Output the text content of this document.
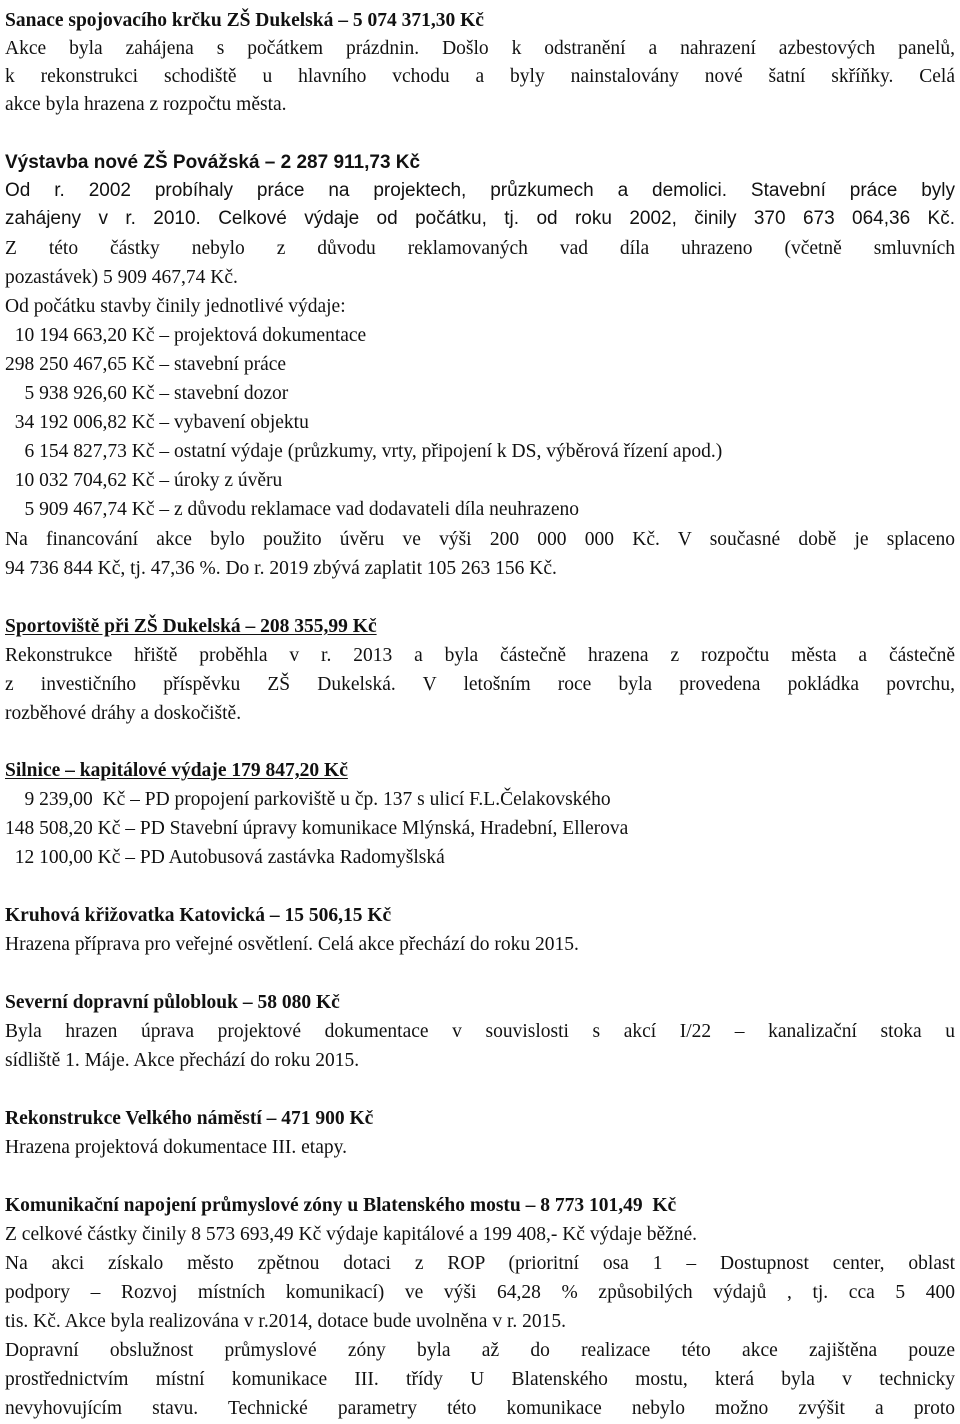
Sanace spojovacího krčku ZŠ Dukelská – 5 074 371,30 Kč
Akce byla zahájena s počátkem prázdnin. Došlo k odstranění a nahrazení azbestových panelů,
k rekonstrukci schodiště u hlavního vchodu a byly nainstalovány nové šatní skříňky. Celá
akce byla hrazena z rozpočtu města.
Výstavba nové ZŠ Povážská – 2 287 911,73 Kč
Od r. 2002 probíhaly práce na projektech, průzkumech a demolici. Stavební práce byly
zahájeny v r. 2010. Celkové výdaje od počátku, tj. od roku 2002, činily 370 673 064,36 Kč.
Z této částky nebylo z důvodu reklamovaných vad díla uhrazeno (včetně smluvních
pozastávek) 5 909 467,74 Kč.
Od počátku stavby činily jednotlivé výdaje:
10 194 663,20 Kč – projektová dokumentace
298 250 467,65 Kč – stavební práce
5 938 926,60 Kč – stavební dozor
34 192 006,82 Kč – vybavení objektu
6 154 827,73 Kč – ostatní výdaje (průzkumy, vrty, připojení k DS, výběrová řízení apod.)
10 032 704,62 Kč – úroky z úvěru
5 909 467,74 Kč – z důvodu reklamace vad dodavateli díla neuhrazeno
Na financování akce bylo použito úvěru ve výši 200 000 000 Kč. V současné době je splaceno
94 736 844 Kč, tj. 47,36 %. Do r. 2019 zbývá zaplatit 105 263 156 Kč.
Sportoviště při ZŠ Dukelská – 208 355,99 Kč
Rekonstrukce hřiště proběhla v r. 2013 a byla částečně hrazena z rozpočtu města a částečně
z investičního příspěvku ZŠ Dukelská. V letošním roce byla provedena pokládka povrchu,
rozběhové dráhy a doskočiště.
Silnice – kapitálové výdaje 179 847,20 Kč
9 239,00  Kč – PD propojení parkoviště u čp. 137 s ulicí F.L.Čelakovského
148 508,20 Kč – PD Stavební úpravy komunikace Mlýnská, Hradební, Ellerova
12 100,00 Kč – PD Autobusová zastávka Radomyšlská
Kruhová křižovatka Katovická – 15 506,15 Kč
Hrazena příprava pro veřejné osvětlení. Celá akce přechází do roku 2015.
Severní dopravní půloblouk – 58 080 Kč
Byla hrazen úprava projektové dokumentace v souvislosti s akcí I/22 – kanalizační stoka u
sídliště 1. Máje. Akce přechází do roku 2015.
Rekonstrukce Velkého náměstí – 471 900 Kč
Hrazena projektová dokumentace III. etapy.
Komunikační napojení průmyslové zóny u Blatenského mostu – 8 773 101,49  Kč
Z celkové částky činily 8 573 693,49 Kč výdaje kapitálové a 199 408,- Kč výdaje běžné.
Na akci získalo město zpětnou dotaci z ROP (prioritní osa 1 – Dostupnost center, oblast
podpory – Rozvoj místních komunikací) ve výši 64,28 % způsobilých výdajů , tj. cca 5 400
tis. Kč. Akce byla realizována v r.2014, dotace bude uvolněna v r. 2015.
Dopravní obslužnost průmyslové zóny byla až do realizace této akce zajištěna pouze
prostřednictvím místní komunikace III. třídy U Blatenského mostu, která byla v technicky
nevyhovujícím stavu. Technické parametry této komunikace nebylo možno zvýšit a proto
